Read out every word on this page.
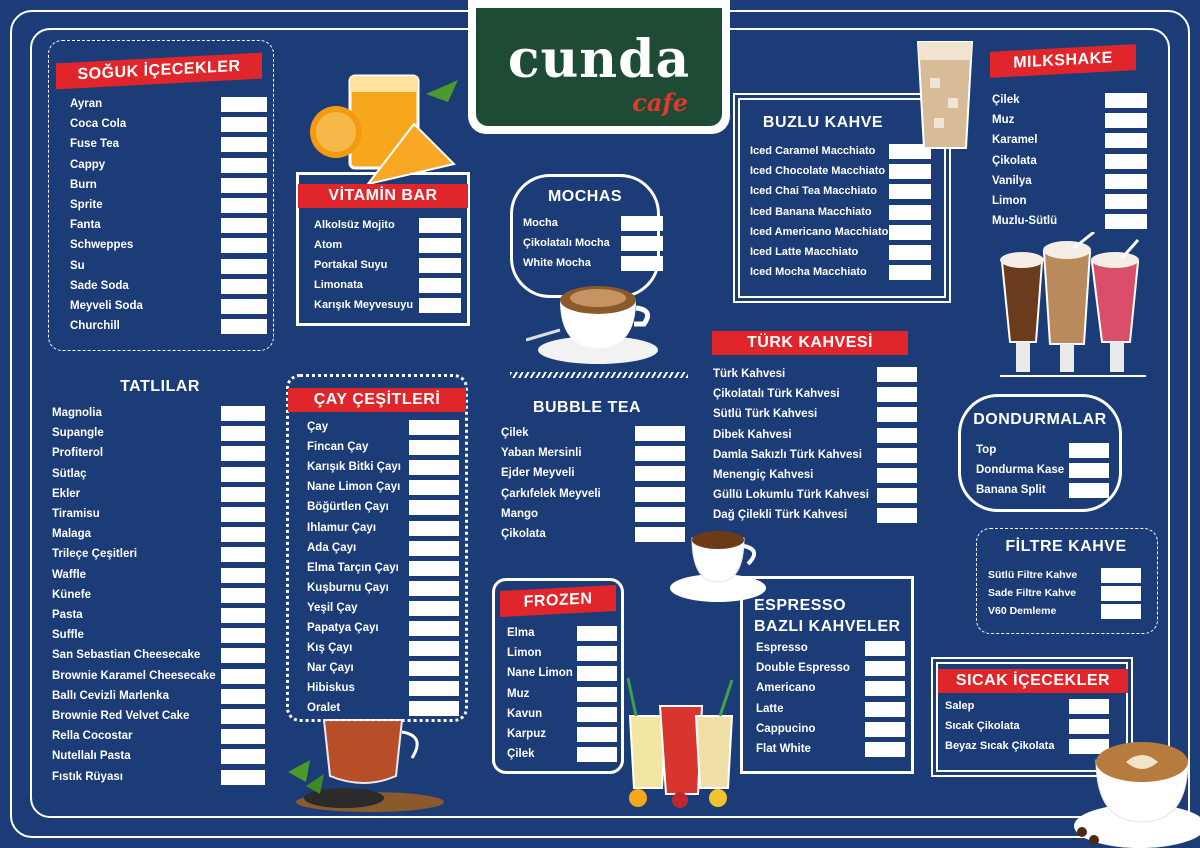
cunda
cafe
SOĞUK İÇECEKLER
Ayran
Coca Cola
Fuse Tea
Cappy
Burn
Sprite
Fanta
Schweppes
Su
Sade Soda
Meyveli Soda
Churchill
VİTAMİN BAR
Alkolsüz Mojito
Atom
Portakal Suyu
Limonata
Karışık Meyvesuyu
MOCHAS
Mocha
Çikolatalı Mocha
White Mocha
BUZLU KAHVE
Iced Caramel Macchiato
Iced Chocolate Macchiato
Iced Chai Tea Macchiato
Iced Banana Macchiato
Iced Americano Macchiato
Iced Latte Macchiato
Iced Mocha Macchiato
MILKSHAKE
Çilek
Muz
Karamel
Çikolata
Vanilya
Limon
Muzlu-Sütlü
TATLILAR
Magnolia
Supangle
Profiterol
Sütlaç
Ekler
Tiramisu
Malaga
Trileçe Çeşitleri
Waffle
Künefe
Pasta
Suffle
San Sebastian Cheesecake
Brownie Karamel Cheesecake
Ballı Cevizli Marlenka
Brownie Red Velvet Cake
Rella Cocostar
Nutellalı Pasta
Fıstık Rüyası
ÇAY ÇEŞİTLERİ
Çay
Fincan Çay
Karışık Bitki Çayı
Nane Limon Çayı
Böğürtlen Çayı
Ihlamur Çayı
Ada Çayı
Elma Tarçın Çayı
Kuşburnu Çayı
Yeşil Çay
Papatya Çayı
Kış Çayı
Nar Çayı
Hibiskus
Oralet
BUBBLE TEA
Çilek
Yaban Mersinli
Ejder Meyveli
Çarkıfelek Meyveli
Mango
Çikolata
TÜRK KAHVESİ
Türk Kahvesi
Çikolatalı Türk Kahvesi
Sütlü Türk Kahvesi
Dibek Kahvesi
Damla Sakızlı Türk Kahvesi
Menengiç Kahvesi
Güllü Lokumlu Türk Kahvesi
Dağ Çilekli Türk Kahvesi
DONDURMALAR
Top
Dondurma Kase
Banana Split
FİLTRE KAHVE
Sütlü Filtre Kahve
Sade Filtre Kahve
V60 Demleme
FROZEN
Elma
Limon
Nane Limon
Muz
Kavun
Karpuz
Çilek
ESPRESSO
BAZLI KAHVELER
Espresso
Double Espresso
Americano
Latte
Cappucino
Flat White
SICAK İÇECEKLER
Salep
Sıcak Çikolata
Beyaz Sıcak Çikolata
